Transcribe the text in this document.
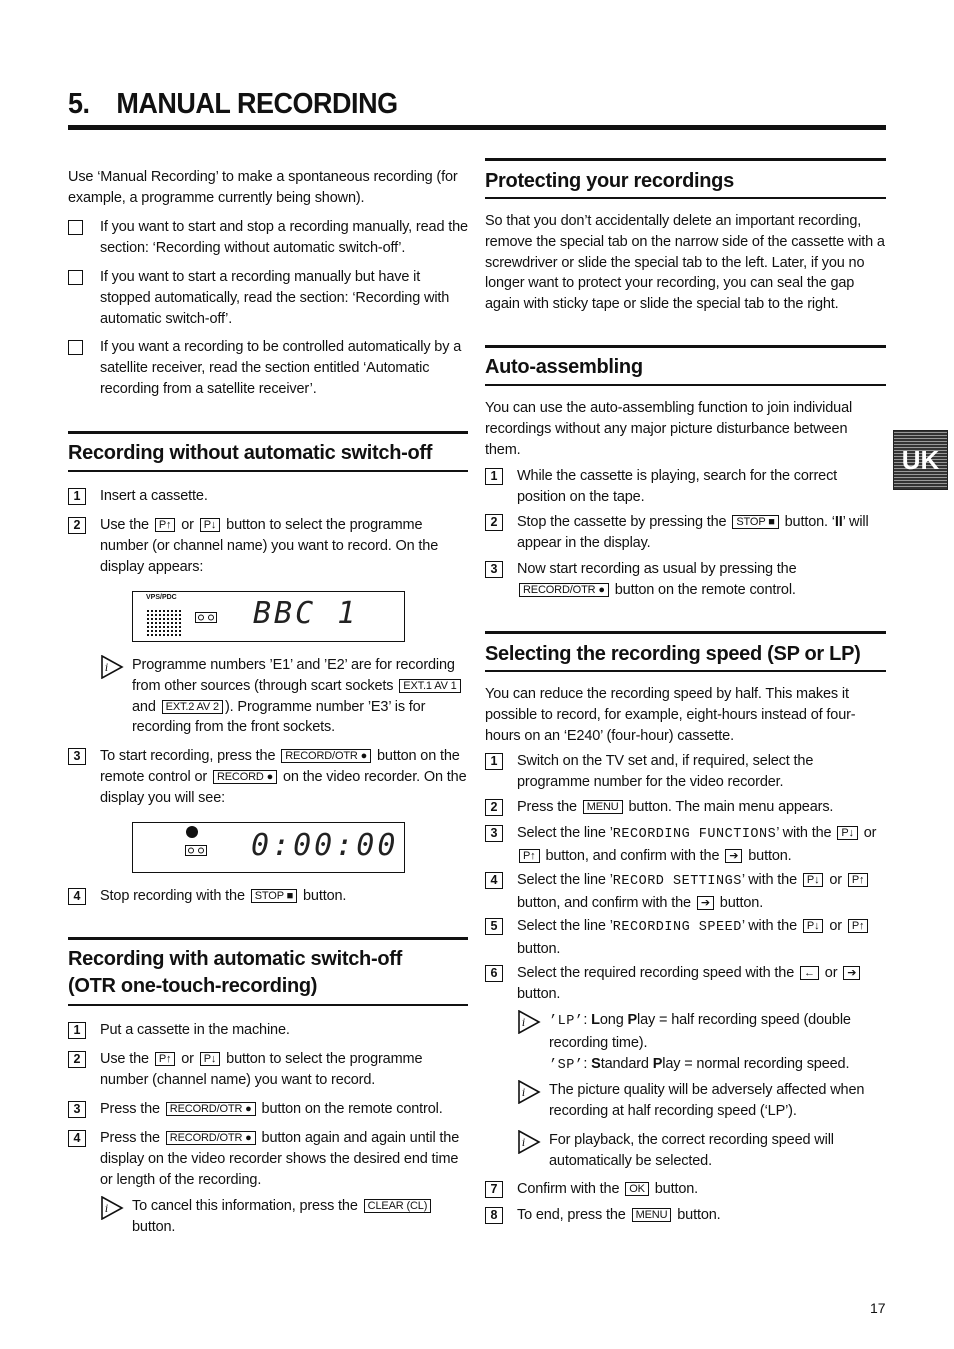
5. MANUAL RECORDING
Use ‘Manual Recording’ to make a spontaneous recording (for example, a programme currently being shown).
If you want to start and stop a recording manually, read the section: ‘Recording without automatic switch-off’.
If you want to start a recording manually but have it stopped automatically, read the section: ‘Recording with automatic switch-off’.
If you want a recording to be controlled automatically by a satellite receiver, read the section entitled ‘Automatic recording from a satellite receiver’.
Recording without automatic switch-off
1	Insert a cassette.
2	Use the P↑ or P↓ button to select the programme number (or channel name) you want to record. On the display appears:
VPS/PDC	BBC 1
i Programme numbers ’E1’ and ’E2’ are for recording from other sources (through scart sockets EXT.1 AV 1 and EXT.2 AV 2 ). Programme number ’E3’ is for recording from the front sockets.
3	To start recording, press the RECORD/OTR ● button on the remote control or RECORD ● on the video recorder. On the display you will see:
0:00:00
4	Stop recording with the STOP ■ button.
Recording with automatic switch-off
(OTR one-touch-recording)
1	Put a cassette in the machine.
2	Use the P↑ or P↓ button to select the programme number (channel name) you want to record.
3	Press the RECORD/OTR ● button on the remote control.
4	Press the RECORD/OTR ● button again and again until the display on the video recorder shows the desired end time or length of the recording.
i To cancel this information, press the CLEAR (CL) button.
Protecting your recordings
So that you don’t accidentally delete an important recording, remove the special tab on the narrow side of the cassette with a screwdriver or slide the special tab to the left. Later, if you no longer want to protect your recording, you can seal the gap again with sticky tape or slide the special tab to the right.
Auto-assembling
You can use the auto-assembling function to join individual recordings without any major picture disturbance between them.
1	While the cassette is playing, search for the correct position on the tape.
2	Stop the cassette by pressing the STOP ■ button. ‘II’ will appear in the display.
3	Now start recording as usual by pressing the RECORD/OTR ● button on the remote control.
Selecting the recording speed (SP or LP)
You can reduce the recording speed by half. This makes it possible to record, for example, eight-hours instead of four-hours on an ‘E240’ (four-hour) cassette.
1	Switch on the TV set and, if required, select the programme number for the video recorder.
2	Press the MENU button. The main menu appears.
3	Select the line ’RECORDING FUNCTIONS’ with the P↓ or P↑ button, and confirm with the ➔ button.
4	Select the line ’RECORD SETTINGS’ with the P↓ or P↑ button, and confirm with the ➔ button.
5	Select the line ’RECORDING SPEED’ with the P↓ or P↑ button.
6	Select the required recording speed with the ← or ➔ button.
i ’LP’: Long Play = half recording speed (double recording time).
’SP’: Standard Play = normal recording speed.
i The picture quality will be adversely affected when recording at half recording speed (‘LP’).
i For playback, the correct recording speed will automatically be selected.
7	Confirm with the OK button.
8	To end, press the MENU button.
UK
17
